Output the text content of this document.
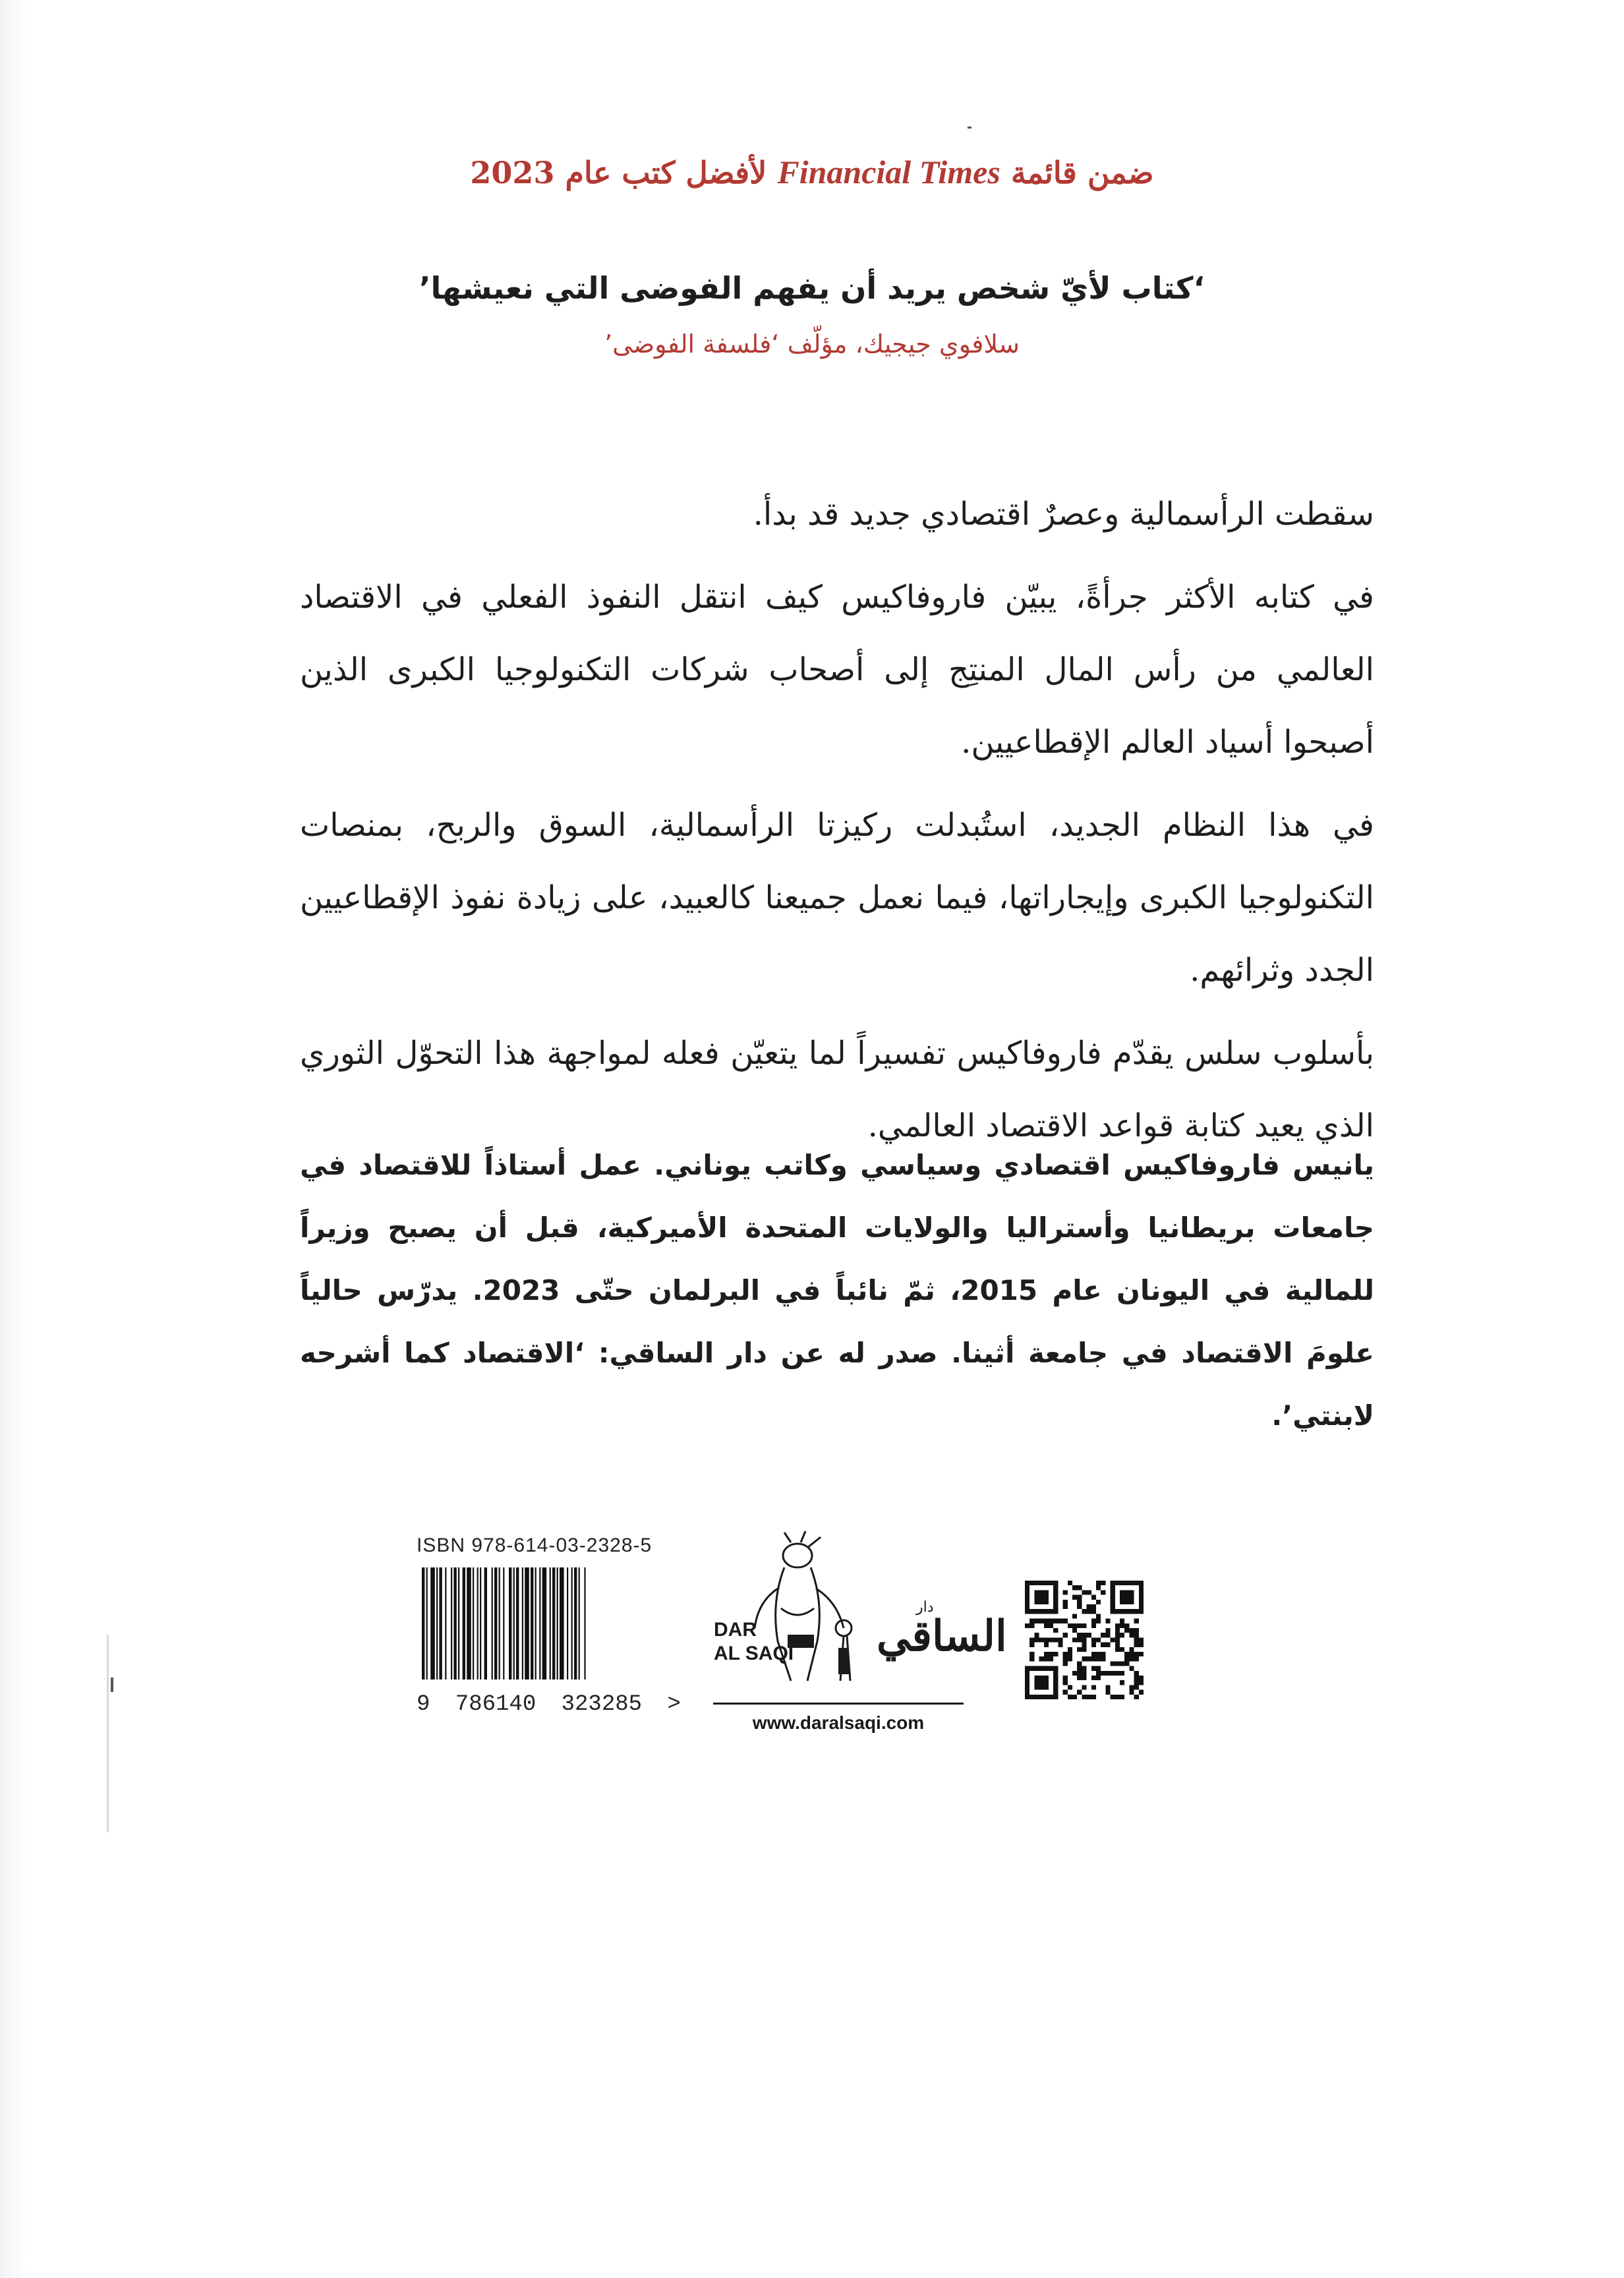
ضمن قائمة Financial Times لأفضل كتب عام 2023
‘كتاب لأيّ شخص يريد أن يفهم الفوضى التي نعيشها’
سلافوي جيجيك، مؤلّف ‘فلسفة الفوضى’

سقطت الرأسمالية وعصرٌ اقتصادي جديد قد بدأ.

في كتابه الأكثر جرأةً، يبيّن فاروفاكيس كيف انتقل النفوذ الفعلي في الاقتصاد العالمي من رأس المال المنتِج إلى أصحاب شركات التكنولوجيا الكبرى الذين أصبحوا أسياد العالم الإقطاعيين.

في هذا النظام الجديد، استُبدلت ركيزتا الرأسمالية، السوق والربح، بمنصات التكنولوجيا الكبرى وإيجاراتها، فيما نعمل جميعنا كالعبيد، على زيادة نفوذ الإقطاعيين الجدد وثرائهم.

بأسلوب سلس يقدّم فاروفاكيس تفسيراً لما يتعيّن فعله لمواجهة هذا التحوّل الثوري الذي يعيد كتابة قواعد الاقتصاد العالمي.

يانيس فاروفاكيس اقتصادي وسياسي وكاتب يوناني. عمل أستاذاً للاقتصاد في جامعات بريطانيا وأستراليا والولايات المتحدة الأميركية، قبل أن يصبح وزيراً للمالية في اليونان عام 2015، ثمّ نائباً في البرلمان حتّى 2023. يدرّس حالياً علومَ الاقتصاد في جامعة أثينا. صدر له عن دار الساقي: ‘الاقتصاد كما أشرحه لابنتي’.
ISBN 978-614-03-2328-5
9 786140 323285 >
DAR
AL SAQI
دار
الساقي
www.daralsaqi.com
